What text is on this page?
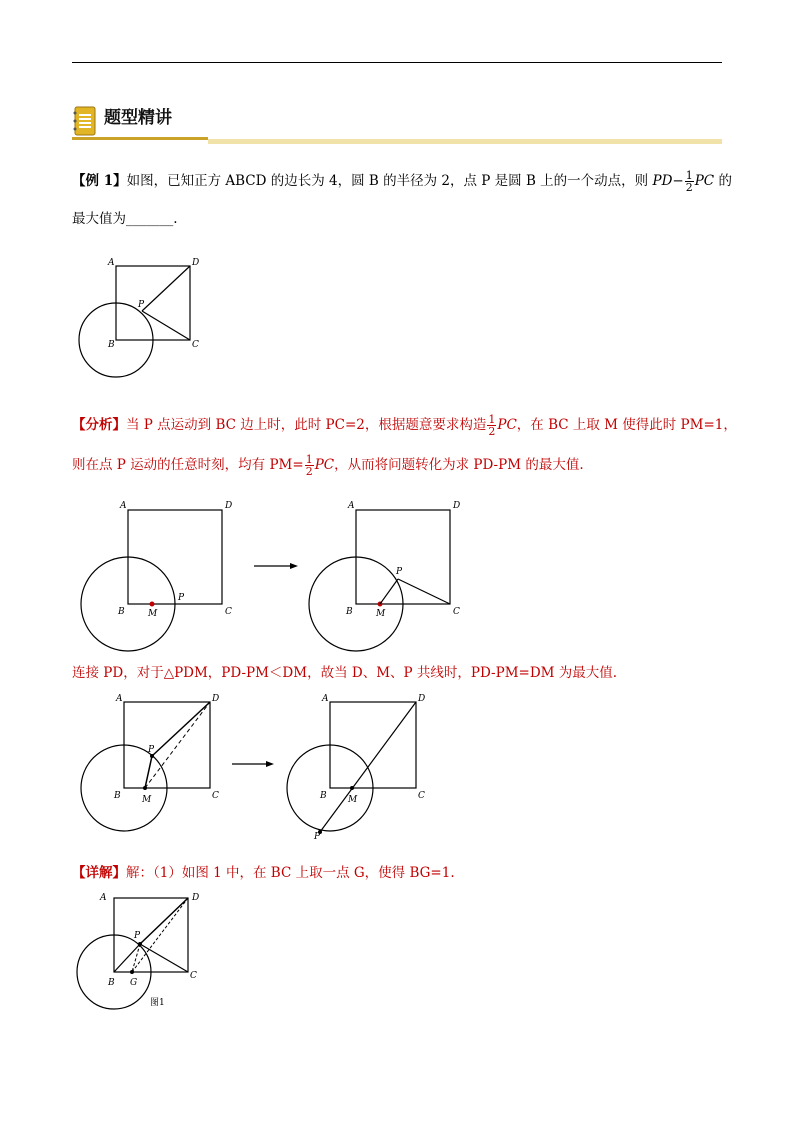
题型精讲
【例 1】如图，已知正方 ABCD 的边长为 4，圆 B 的半径为 2，点 P 是圆 B 上的一个动点，则 $PD- \frac{1}{2}$ PC 的
最大值为_______.
A	D
B	C
P
【分析】当 P 点运动到 BC 边上时，此时 PC=2，根据题意要求构造 $\frac{1}{2}$ PC，在 BC 上取 M 使得此时 PM=1，
则在点 P 运动的任意时刻，均有 $PM= \frac{1}{2}$ PC，从而将问题转化为求 PD-PM 的最大值.
A	D
B	C
M
P
A	D
B	C
M
P
连接 PD，对于△PDM，PD-PM＜DM，故当 D、M、P 共线时，PD-PM=DM 为最大值.
A	D
B	C
M
P
A	D
B	C
M
P
【详解】解：（1）如图 1 中，在 BC 上取一点 G，使得 BG=1.
A	D
B
C
P
G
图1
